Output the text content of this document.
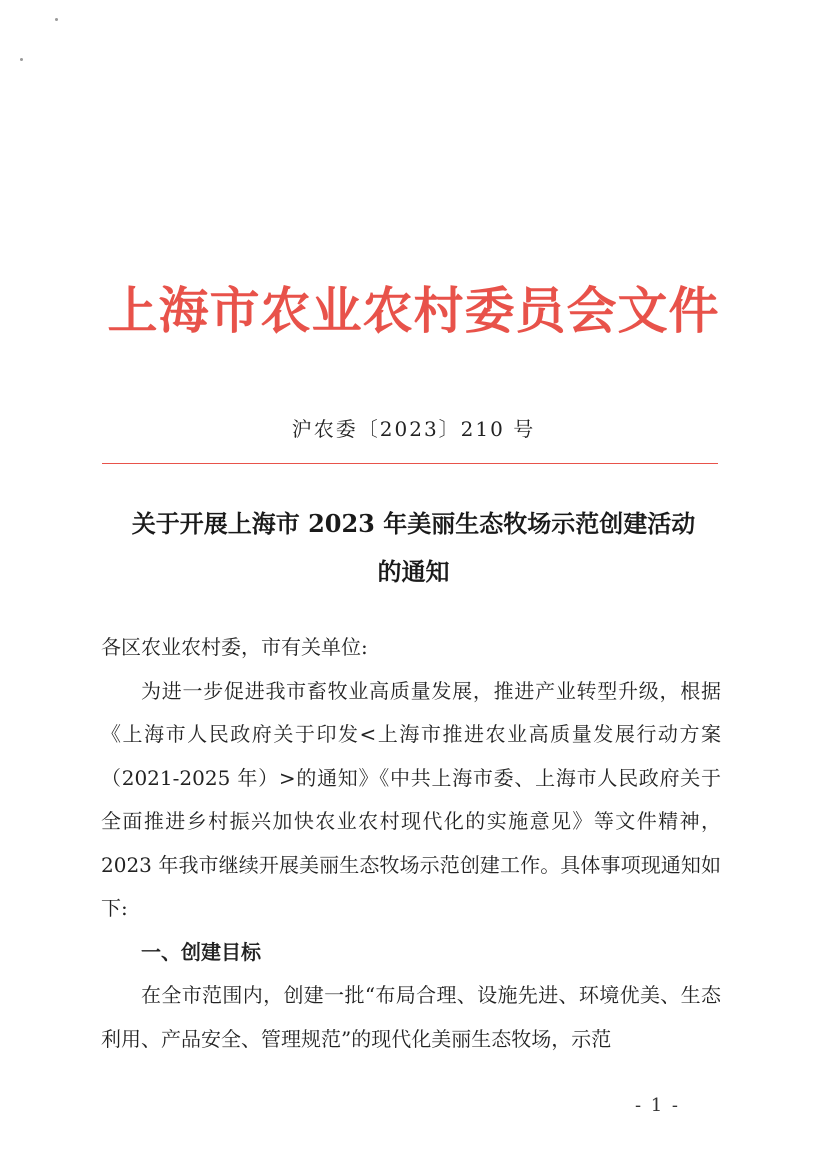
上海市农业农村委员会文件
沪农委〔2023〕210 号
关于开展上海市 2023 年美丽生态牧场示范创建活动
的通知

各区农业农村委，市有关单位:

为进一步促进我市畜牧业高质量发展，推进产业转型升级，根据《上海市人民政府关于印发<上海市推进农业高质量发展行动方案（2021-2025 年）>的通知》《中共上海市委、上海市人民政府关于全面推进乡村振兴加快农业农村现代化的实施意见》等文件精神，2023 年我市继续开展美丽生态牧场示范创建工作。具体事项现通知如下:

一、创建目标

在全市范围内，创建一批“布局合理、设施先进、环境优美、生态利用、产品安全、管理规范”的现代化美丽生态牧场，示范

- 1 -
